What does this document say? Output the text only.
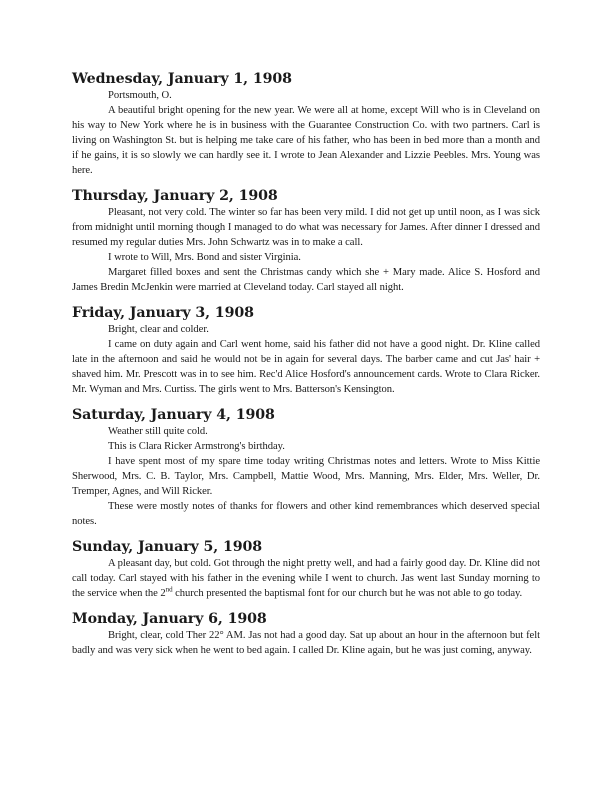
Wednesday, January 1, 1908

Portsmouth, O.

A beautiful bright opening for the new year. We were all at home, except Will who is in Cleveland on his way to New York where he is in business with the Guarantee Construction Co. with two partners. Carl is living on Washington St. but is helping me take care of his father, who has been in bed more than a month and if he gains, it is so slowly we can hardly see it. I wrote to Jean Alexander and Lizzie Peebles. Mrs. Young was here.

Thursday, January 2, 1908

Pleasant, not very cold. The winter so far has been very mild. I did not get up until noon, as I was sick from midnight until morning though I managed to do what was necessary for James. After dinner I dressed and resumed my regular duties Mrs. John Schwartz was in to make a call.

I wrote to Will, Mrs. Bond and sister Virginia.

Margaret filled boxes and sent the Christmas candy which she + Mary made. Alice S. Hosford and James Bredin McJenkin were married at Cleveland today. Carl stayed all night.

Friday, January 3, 1908

Bright, clear and colder.

I came on duty again and Carl went home, said his father did not have a good night. Dr. Kline called late in the afternoon and said he would not be in again for several days. The barber came and cut Jas' hair + shaved him. Mr. Prescott was in to see him. Rec'd Alice Hosford's announcement cards. Wrote to Clara Ricker. Mr. Wyman and Mrs. Curtiss. The girls went to Mrs. Batterson's Kensington.

Saturday, January 4, 1908

Weather still quite cold.

This is Clara Ricker Armstrong's birthday.

I have spent most of my spare time today writing Christmas notes and letters. Wrote to Miss Kittie Sherwood, Mrs. C. B. Taylor, Mrs. Campbell, Mattie Wood, Mrs. Manning, Mrs. Elder, Mrs. Weller, Dr. Tremper, Agnes, and Will Ricker.

These were mostly notes of thanks for flowers and other kind remembrances which deserved special notes.

Sunday, January 5, 1908

A pleasant day, but cold. Got through the night pretty well, and had a fairly good day. Dr. Kline did not call today. Carl stayed with his father in the evening while I went to church. Jas went last Sunday morning to the service when the 2nd church presented the baptismal font for our church but he was not able to go today.

Monday, January 6, 1908

Bright, clear, cold Ther 22° AM. Jas not had a good day. Sat up about an hour in the afternoon but felt badly and was very sick when he went to bed again. I called Dr. Kline again, but he was just coming, anyway.
